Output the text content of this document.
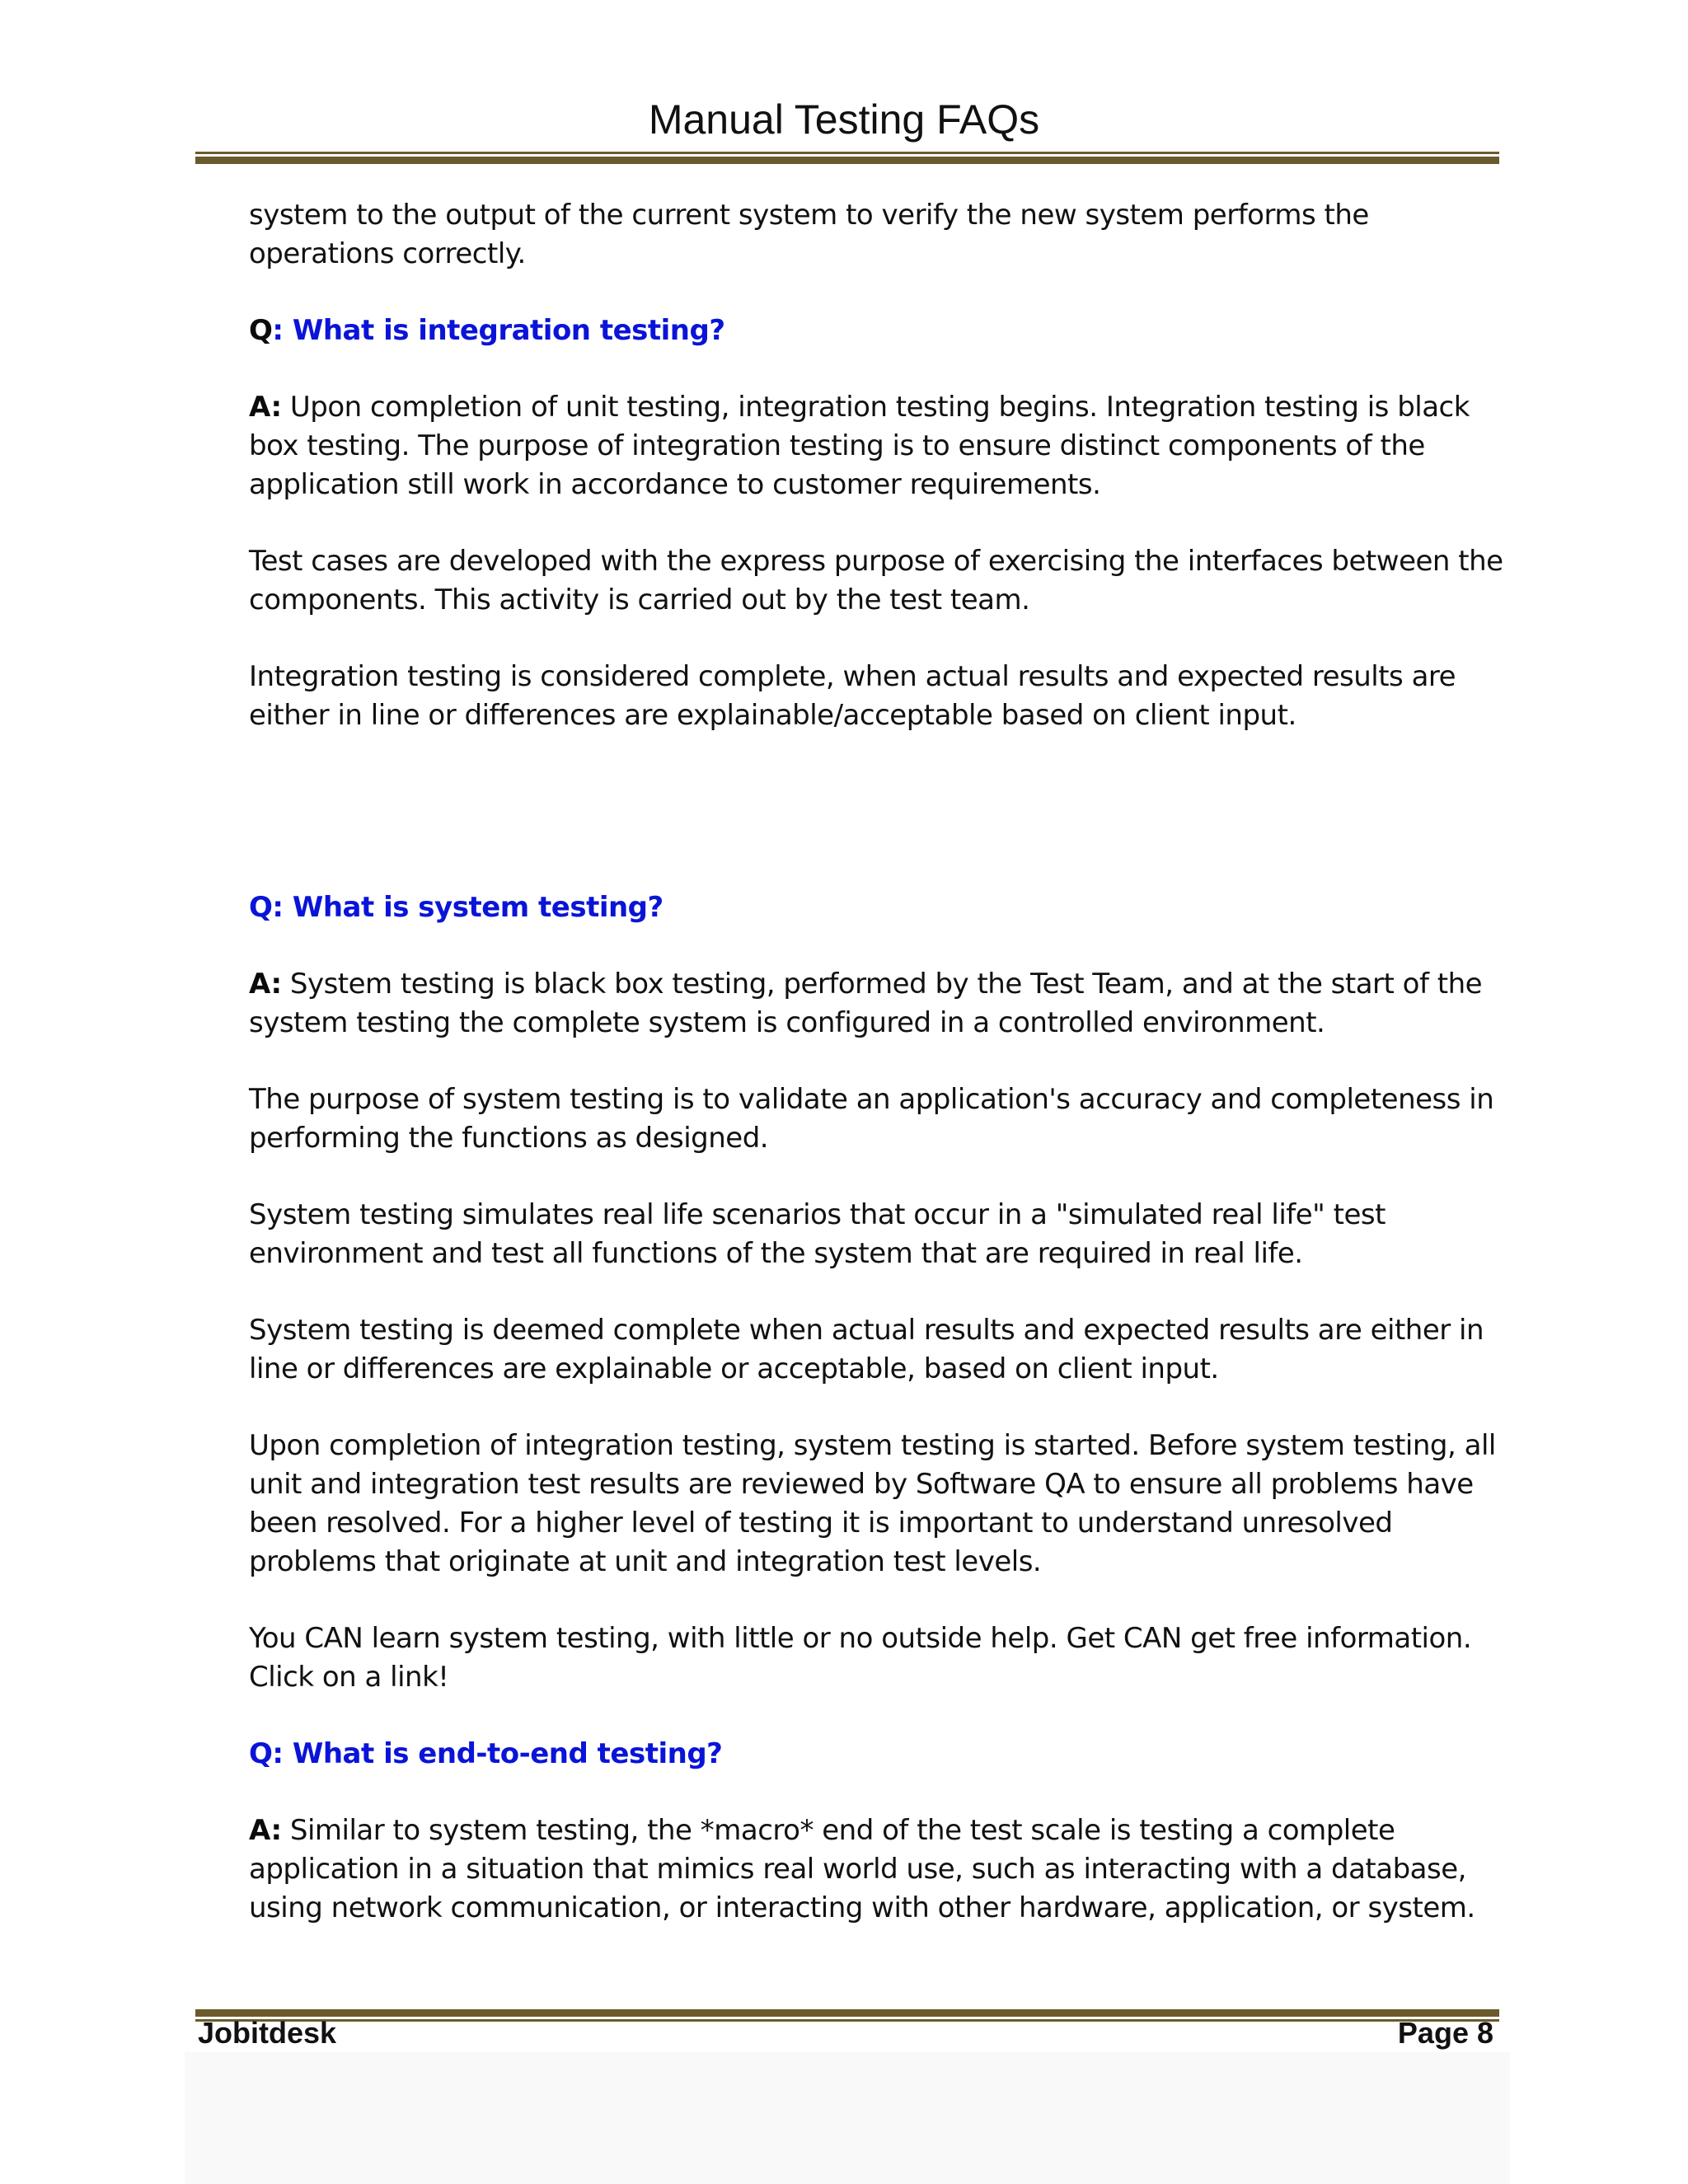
Manual Testing FAQs

system to the output of the current system to verify the new system performs the
operations correctly.

Q: What is integration testing?

A: Upon completion of unit testing, integration testing begins. Integration testing is black box testing. The purpose of integration testing is to ensure distinct components of the application still work in accordance to customer requirements.

Test cases are developed with the express purpose of exercising the interfaces between the components. This activity is carried out by the test team.

Integration testing is considered complete, when actual results and expected results are either in line or differences are explainable/acceptable based on client input.

Q: What is system testing?

A: System testing is black box testing, performed by the Test Team, and at the start of the system testing the complete system is configured in a controlled environment.

The purpose of system testing is to validate an application's accuracy and completeness in performing the functions as designed.

System testing simulates real life scenarios that occur in a "simulated real life" test environment and test all functions of the system that are required in real life.

System testing is deemed complete when actual results and expected results are either in line or differences are explainable or acceptable, based on client input.

Upon completion of integration testing, system testing is started. Before system testing, all unit and integration test results are reviewed by Software QA to ensure all problems have been resolved. For a higher level of testing it is important to understand unresolved problems that originate at unit and integration test levels.

You CAN learn system testing, with little or no outside help. Get CAN get free information. Click on a link!

Q: What is end-to-end testing?

A: Similar to system testing, the *macro* end of the test scale is testing a complete application in a situation that mimics real world use, such as interacting with a database, using network communication, or interacting with other hardware, application, or system.

Jobitdesk	Page 8
